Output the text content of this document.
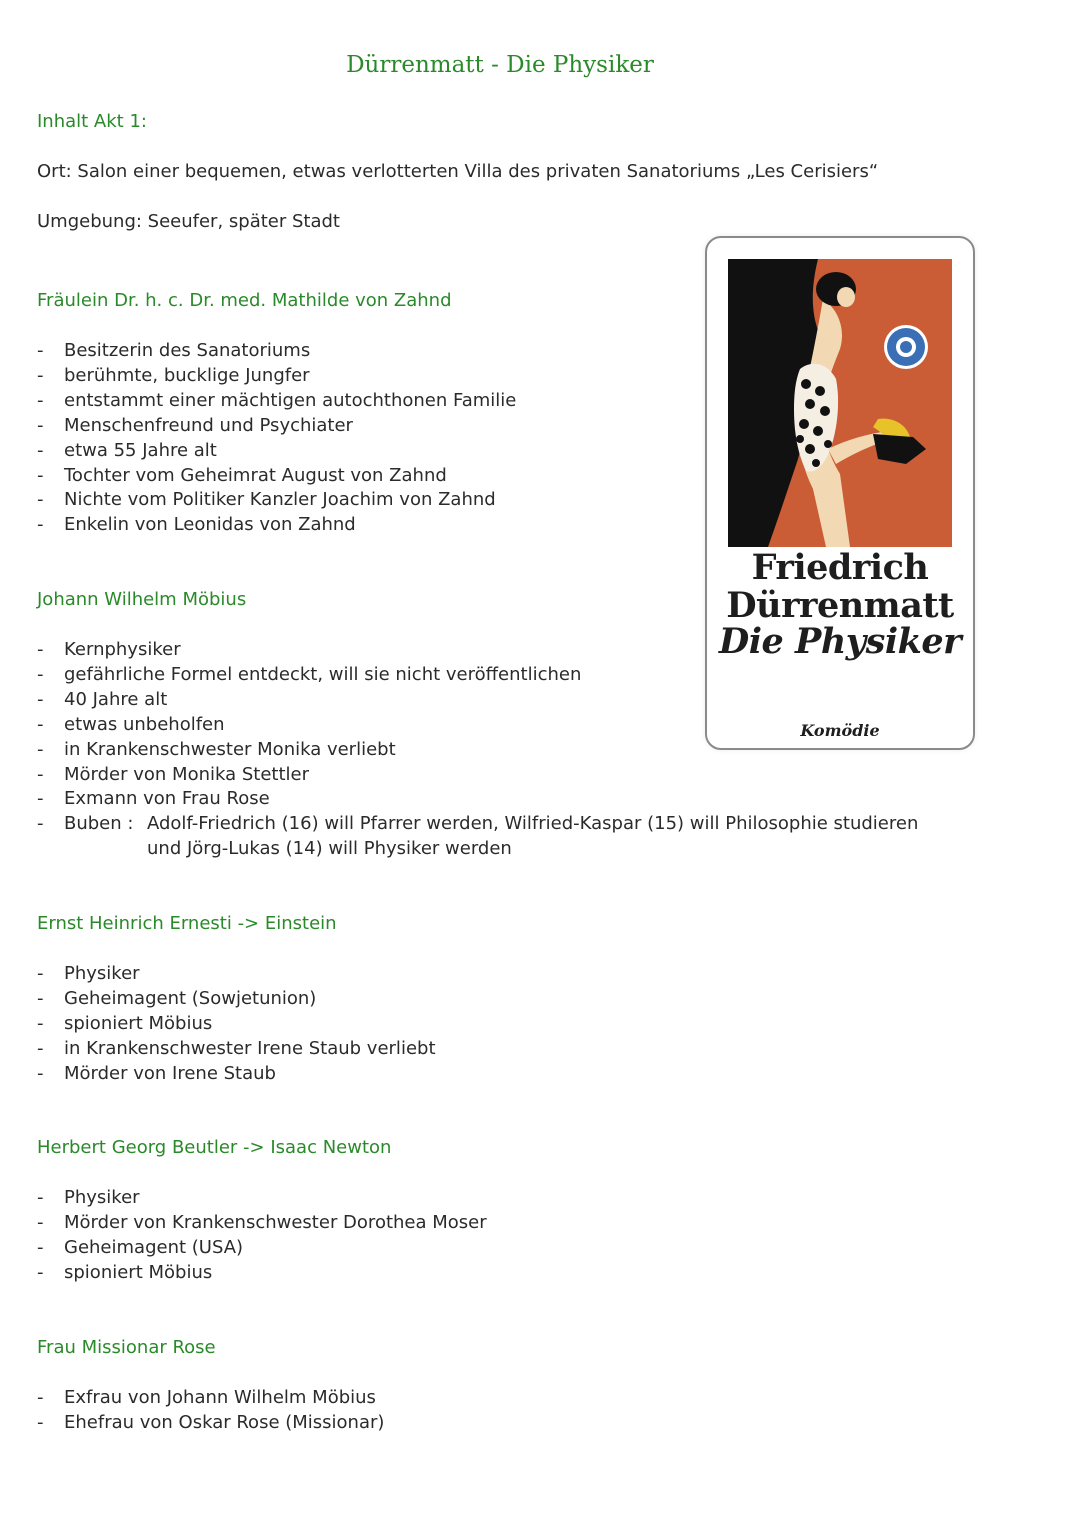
Dürrenmatt - Die Physiker
Inhalt Akt 1:
Ort: Salon einer bequemen, etwas verlotterten Villa des privaten Sanatoriums „Les Cerisiers“
Umgebung: Seeufer, später Stadt
Fräulein Dr. h. c. Dr. med. Mathilde von Zahnd
- Besitzerin des Sanatoriums
- berühmte, bucklige Jungfer
- entstammt einer mächtigen autochthonen Familie
- Menschenfreund und Psychiater
- etwa 55 Jahre alt
- Tochter vom Geheimrat August von Zahnd
- Nichte vom Politiker Kanzler Joachim von Zahnd
- Enkelin von Leonidas von Zahnd
Johann Wilhelm Möbius
- Kernphysiker
- gefährliche Formel entdeckt, will sie nicht veröffentlichen
- 40 Jahre alt
- etwas unbeholfen
- in Krankenschwester Monika verliebt
- Mörder von Monika Stettler
- Exmann von Frau Rose
- Buben : Adolf-Friedrich (16) will Pfarrer werden, Wilfried-Kaspar (15) will Philosophie studieren und Jörg-Lukas (14) will Physiker werden
Ernst Heinrich Ernesti -> Einstein
- Physiker
- Geheimagent (Sowjetunion)
- spioniert Möbius
- in Krankenschwester Irene Staub verliebt
- Mörder von Irene Staub
Herbert Georg Beutler -> Isaac Newton
- Physiker
- Mörder von Krankenschwester Dorothea Moser
- Geheimagent (USA)
- spioniert Möbius
Frau Missionar Rose
- Exfrau von Johann Wilhelm Möbius
- Ehefrau von Oskar Rose (Missionar)
Friedrich
Dürrenmatt
Die Physiker
Komödie
